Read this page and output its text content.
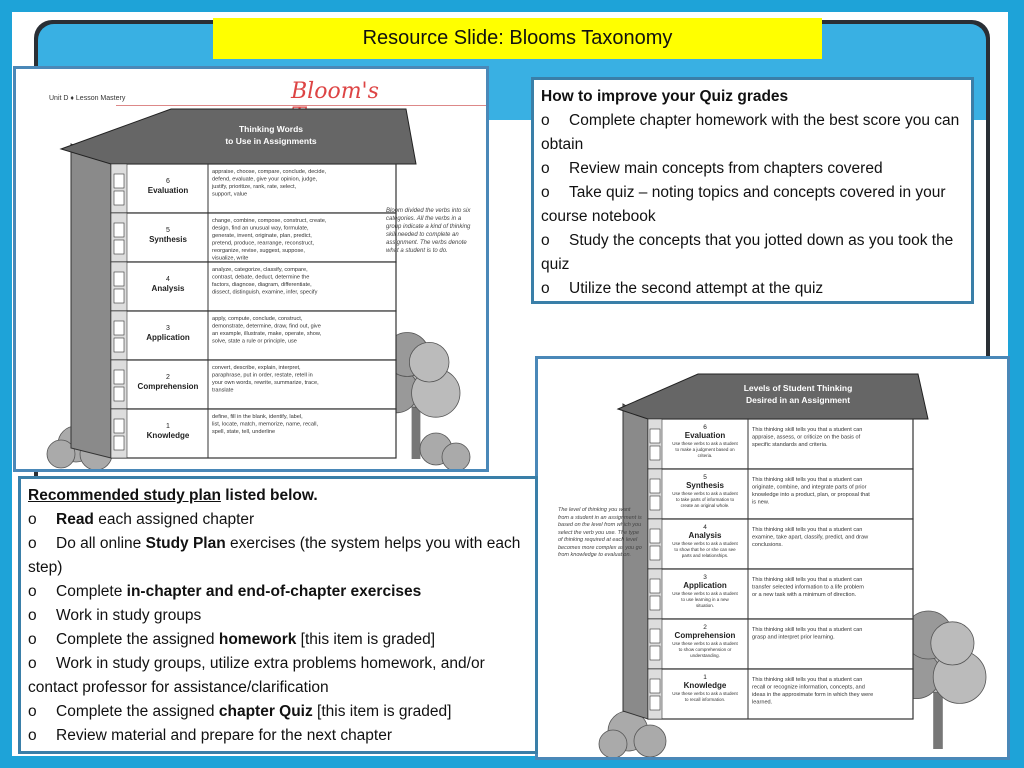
Resource Slide: Blooms Taxonomy
Unit D ♦ Lesson Mastery	Bloom's
Thinking Words
to Use in Assignments
6
Evaluation
appraise, choose, compare, conclude, decide,
defend, evaluate, give your opinion, judge,
justify, prioritize, rank, rate, select,
support, value
5
Synthesis
change, combine, compose, construct, create,
design, find an unusual way, formulate,
generate, invent, originate, plan, predict,
pretend, produce, rearrange, reconstruct,
reorganize, revise, suggest, suppose,
visualize, write
4
Analysis
analyze, categorize, classify, compare,
contrast, debate, deduct, determine the
factors, diagnose, diagram, differentiate,
dissect, distinguish, examine, infer, specify
3
Application
apply, compute, conclude, construct,
demonstrate, determine, draw, find out, give
an example, illustrate, make, operate, show,
solve, state a rule or principle, use
2
Comprehension
convert, describe, explain, interpret,
paraphrase, put in order, restate, retell in
your own words, rewrite, summarize, trace,
translate
1
Knowledge
define, fill in the blank, identify, label,
list, locate, match, memorize, name, recall,
spell, state, tell, underline
Bloom divided the verbs into six categories. All the verbs in a group indicate a kind of thinking skill needed to complete an assignment. The verbs denote what a student is to do.
How to improve your Quiz grades
o Complete chapter homework with the best score you can obtain
o Review main concepts from chapters covered
o Take quiz – noting topics and concepts covered in your course notebook
o Study the concepts that you jotted down as you took the quiz
o Utilize the second attempt at the quiz
Levels of Student Thinking
Desired in an Assignment
6
Evaluation
Use these verbs to ask a student
to make a judgment based on
criteria.
This thinking skill tells you that a student can
appraise, assess, or criticize on the basis of
specific standards and criteria.
5
Synthesis
Use these verbs to ask a student
to take parts of information to
create an original whole.
This thinking skill tells you that a student can
originate, combine, and integrate parts of prior
knowledge into a product, plan, or proposal that
is new.
4
Analysis
Use these verbs to ask a student
to show that he or she can see
parts and relationships.
This thinking skill tells you that a student can
examine, take apart, classify, predict, and draw
conclusions.
3
Application
Use these verbs to ask a student
to use learning in a new
situation.
This thinking skill tells you that a student can
transfer selected information to a life problem
or a new task with a minimum of direction.
2
Comprehension
Use these verbs to ask a student
to show comprehension or
understanding.
This thinking skill tells you that a student can
grasp and interpret prior learning.
1
Knowledge
Use these verbs to ask a student
to recall information.
This thinking skill tells you that a student can
recall or recognize information, concepts, and
ideas in the approximate form in which they were
learned.
The level of thinking you want from a student in an assignment is based on the level from which you select the verb you use. The type of thinking required at each level becomes more complex as you go from knowledge to evaluation.
Recommended study plan listed below.
o Read each assigned chapter
o Do all online Study Plan exercises (the system helps you with each step)
o Complete in-chapter and end-of-chapter exercises
o Work in study groups
o Complete the assigned homework [this item is graded]
o Work in study groups, utilize extra problems homework, and/or contact professor for assistance/clarification
o Complete the assigned chapter Quiz [this item is graded]
o Review material and prepare for the next chapter
